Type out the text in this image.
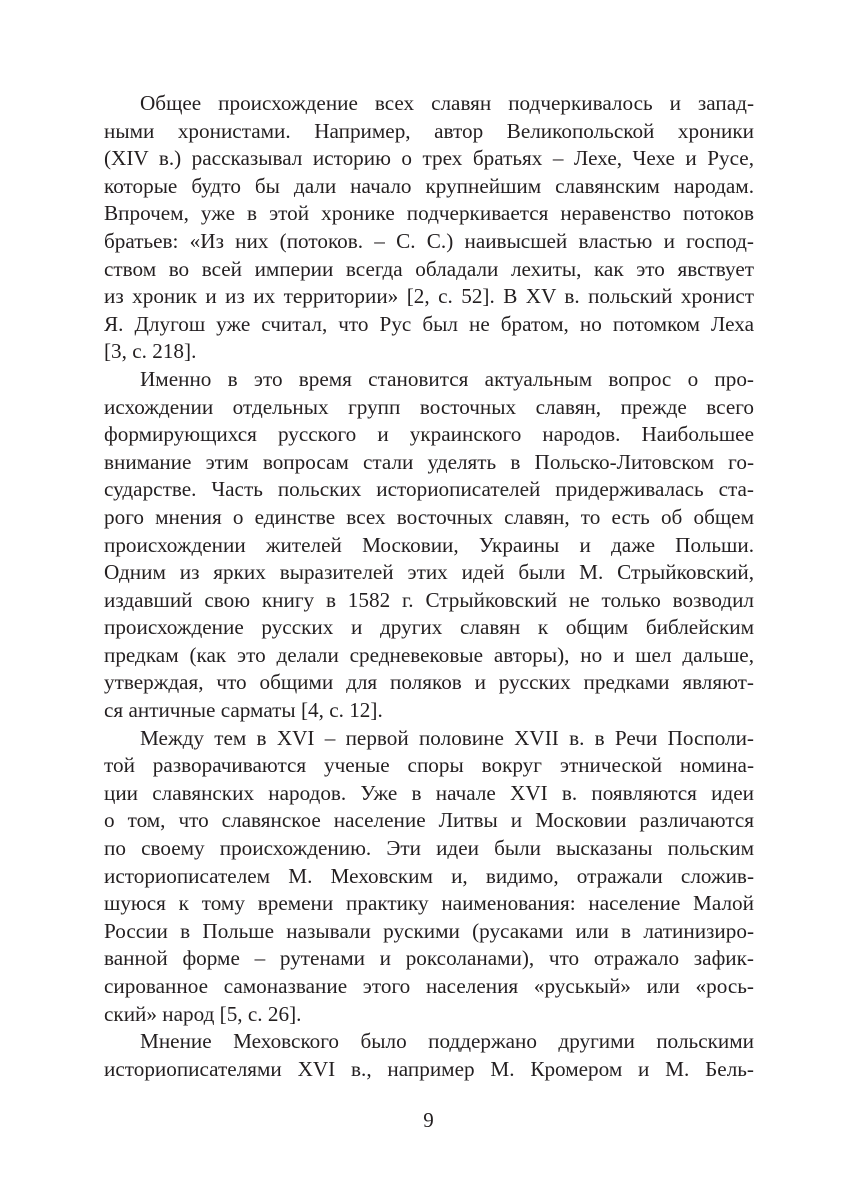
Общее происхождение всех славян подчеркивалось и запад-
ными хронистами. Например, автор Великопольской хроники
(XIV в.) рассказывал историю о трех братьях – Лехе, Чехе и Русе,
которые будто бы дали начало крупнейшим славянским народам.
Впрочем, уже в этой хронике подчеркивается неравенство потоков
братьев: «Из них (потоков. – С. С.) наивысшей властью и господ-
ством во всей империи всегда обладали лехиты, как это явствует
из хроник и из их территории» [2, с. 52]. В XV в. польский хронист
Я. Длугош уже считал, что Рус был не братом, но потомком Леха
[3, с. 218].

Именно в это время становится актуальным вопрос о про-
исхождении отдельных групп восточных славян, прежде всего
формирующихся русского и украинского народов. Наибольшее
внимание этим вопросам стали уделять в Польско-Литовском го-
сударстве. Часть польских историописателей придерживалась ста-
рого мнения о единстве всех восточных славян, то есть об общем
происхождении жителей Московии, Украины и даже Польши.
Одним из ярких выразителей этих идей были М. Стрыйковский,
издавший свою книгу в 1582 г. Стрыйковский не только возводил
происхождение русских и других славян к общим библейским
предкам (как это делали средневековые авторы), но и шел дальше,
утверждая, что общими для поляков и русских предками являют-
ся античные сарматы [4, с. 12].

Между тем в XVI – первой половине XVII в. в Речи Посполи-
той разворачиваются ученые споры вокруг этнической номина-
ции славянских народов. Уже в начале XVI в. появляются идеи
о том, что славянское население Литвы и Московии различаются
по своему происхождению. Эти идеи были высказаны польским
историописателем М. Меховским и, видимо, отражали сложив-
шуюся к тому времени практику наименования: население Малой
России в Польше называли рускими (русаками или в латинизиро-
ванной форме – рутенами и роксоланами), что отражало зафик-
сированное самоназвание этого населения «руськый» или «рось-
ский» народ [5, с. 26].

Мнение Меховского было поддержано другими польскими
историописателями XVI в., например М. Кромером и М. Бель-

9
